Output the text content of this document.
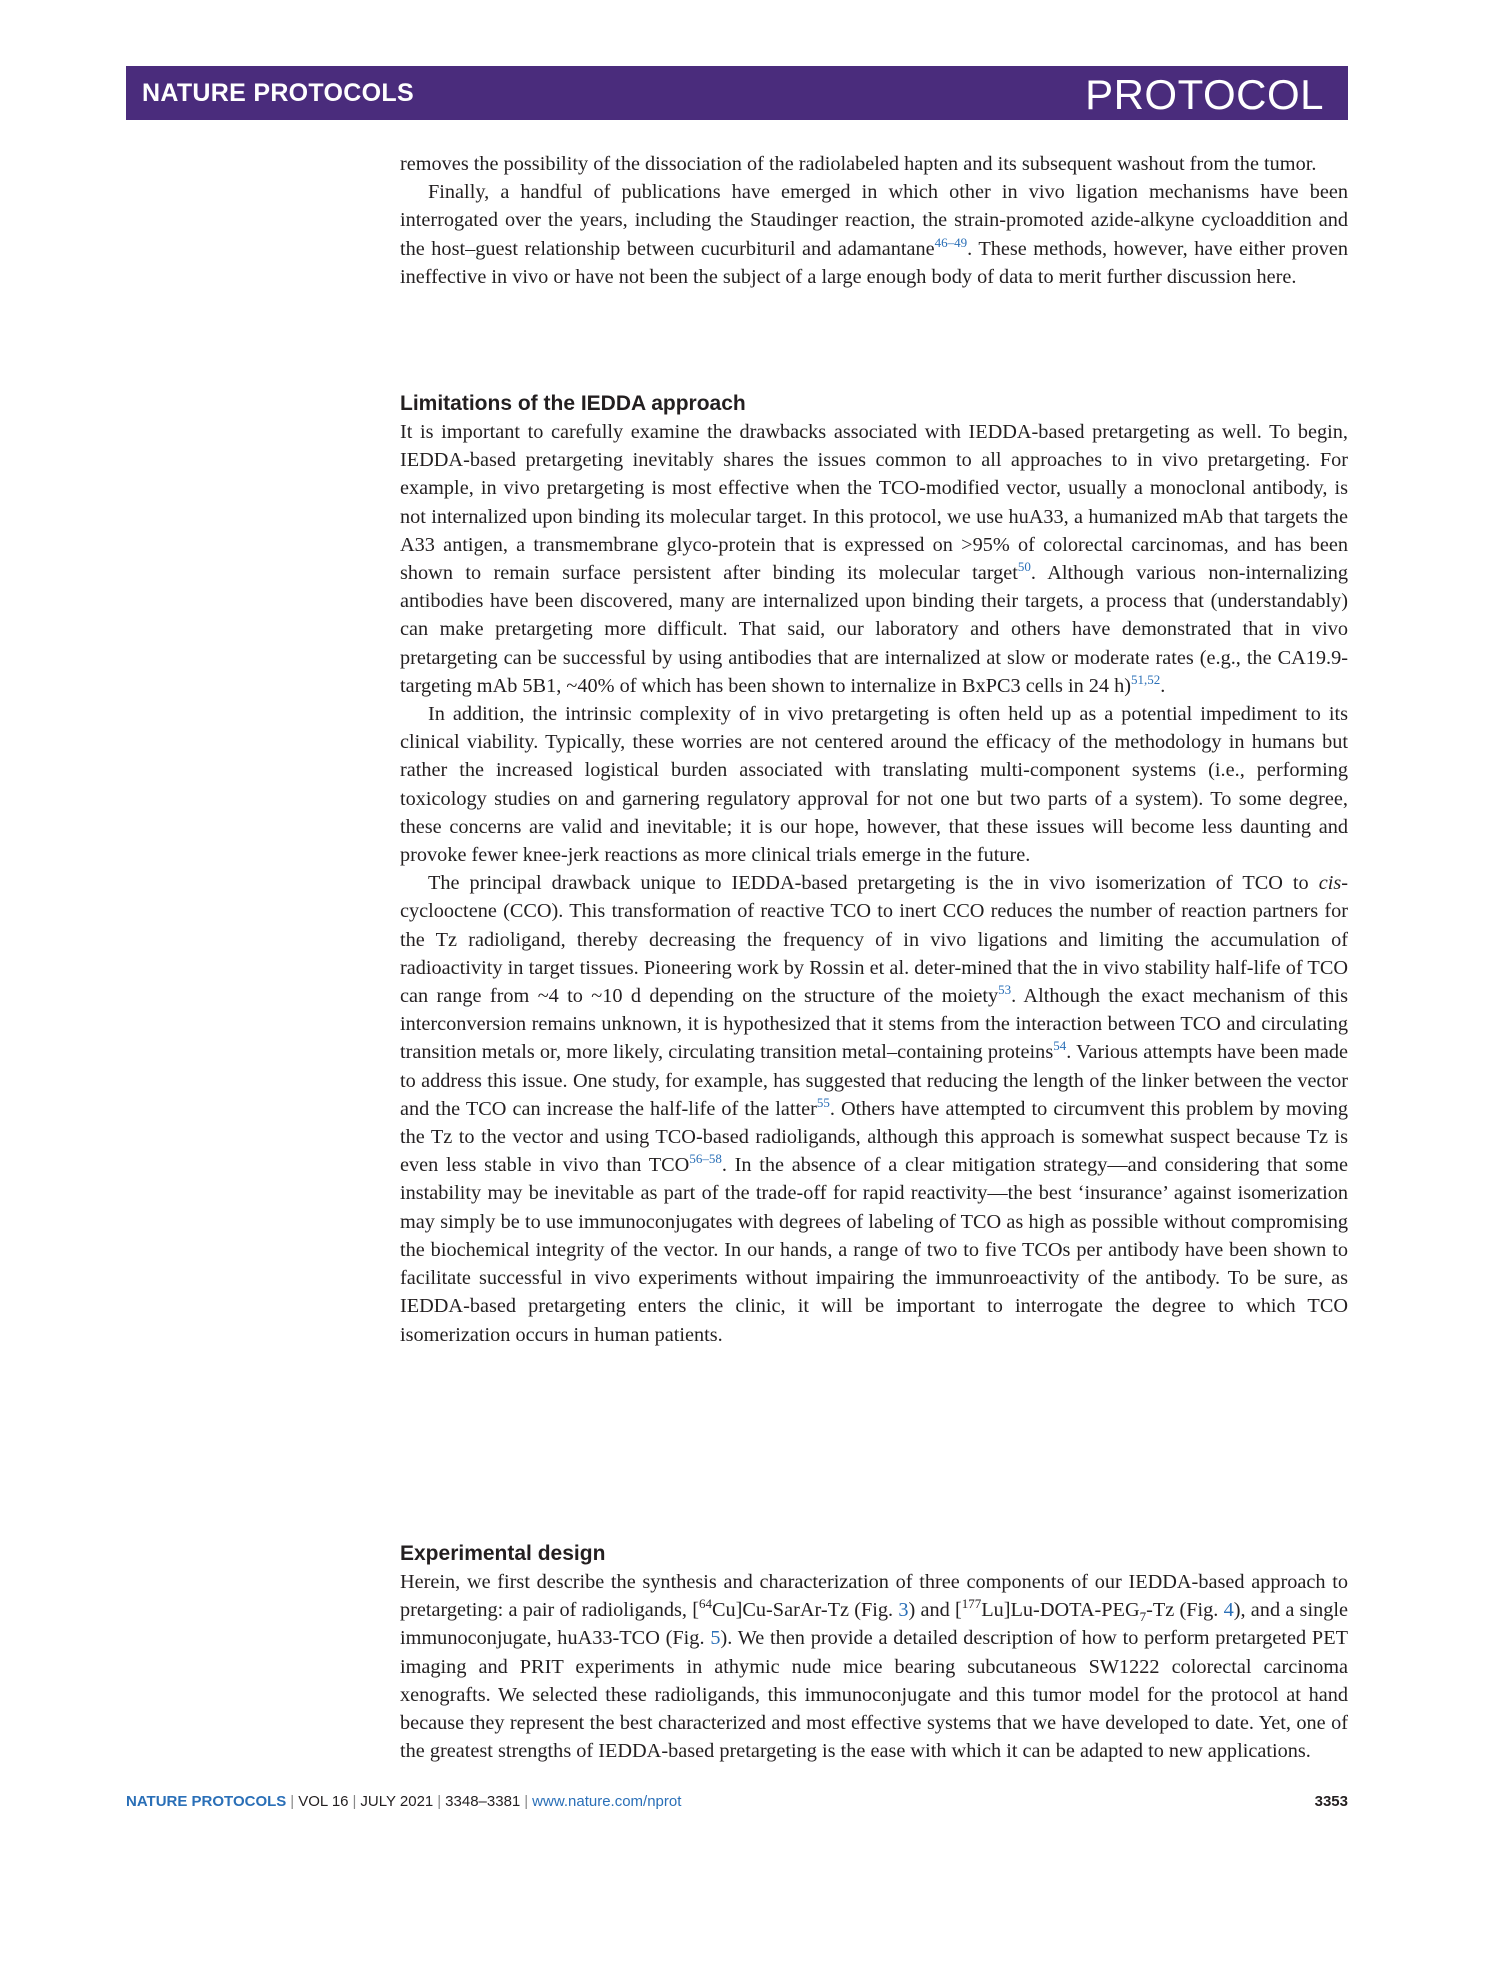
NATURE PROTOCOLS	PROTOCOL

removes the possibility of the dissociation of the radiolabeled hapten and its subsequent washout from the tumor.

Finally, a handful of publications have emerged in which other in vivo ligation mechanisms have been interrogated over the years, including the Staudinger reaction, the strain-promoted azide-alkyne cycloaddition and the host–guest relationship between cucurbituril and adamantane$^{46-49}$. These methods, however, have either proven ineffective in vivo or have not been the subject of a large enough body of data to merit further discussion here.

Limitations of the IEDDA approach

It is important to carefully examine the drawbacks associated with IEDDA-based pretargeting as well. To begin, IEDDA-based pretargeting inevitably shares the issues common to all approaches to in vivo pretargeting. For example, in vivo pretargeting is most effective when the TCO-modified vector, usually a monoclonal antibody, is not internalized upon binding its molecular target. In this protocol, we use huA33, a humanized mAb that targets the A33 antigen, a transmembrane glyco-protein that is expressed on >95% of colorectal carcinomas, and has been shown to remain surface persistent after binding its molecular target$^{50}$. Although various non-internalizing antibodies have been discovered, many are internalized upon binding their targets, a process that (understandably) can make pretargeting more difficult. That said, our laboratory and others have demonstrated that in vivo pretargeting can be successful by using antibodies that are internalized at slow or moderate rates (e.g., the CA19.9-targeting mAb 5B1, ~40% of which has been shown to internalize in BxPC3 cells in 24 h)$^{51,52}$.

In addition, the intrinsic complexity of in vivo pretargeting is often held up as a potential impediment to its clinical viability. Typically, these worries are not centered around the efficacy of the methodology in humans but rather the increased logistical burden associated with translating multi-component systems (i.e., performing toxicology studies on and garnering regulatory approval for not one but two parts of a system). To some degree, these concerns are valid and inevitable; it is our hope, however, that these issues will become less daunting and provoke fewer knee-jerk reactions as more clinical trials emerge in the future.

The principal drawback unique to IEDDA-based pretargeting is the in vivo isomerization of TCO to cis-cyclooctene (CCO). This transformation of reactive TCO to inert CCO reduces the number of reaction partners for the Tz radioligand, thereby decreasing the frequency of in vivo ligations and limiting the accumulation of radioactivity in target tissues. Pioneering work by Rossin et al. deter-mined that the in vivo stability half-life of TCO can range from ~4 to ~10 d depending on the structure of the moiety$^{53}$. Although the exact mechanism of this interconversion remains unknown, it is hypothesized that it stems from the interaction between TCO and circulating transition metals or, more likely, circulating transition metal–containing proteins$^{54}$. Various attempts have been made to address this issue. One study, for example, has suggested that reducing the length of the linker between the vector and the TCO can increase the half-life of the latter$^{55}$. Others have attempted to circumvent this problem by moving the Tz to the vector and using TCO-based radioligands, although this approach is somewhat suspect because Tz is even less stable in vivo than TCO$^{56-58}$. In the absence of a clear mitigation strategy—and considering that some instability may be inevitable as part of the trade-off for rapid reactivity—the best ‘insurance’ against isomerization may simply be to use immunoconjugates with degrees of labeling of TCO as high as possible without compromising the biochemical integrity of the vector. In our hands, a range of two to five TCOs per antibody have been shown to facilitate successful in vivo experiments without impairing the immunroeactivity of the antibody. To be sure, as IEDDA-based pretargeting enters the clinic, it will be important to interrogate the degree to which TCO isomerization occurs in human patients.

Experimental design

Herein, we first describe the synthesis and characterization of three components of our IEDDA-based approach to pretargeting: a pair of radioligands, [$^{64}$Cu]Cu-SarAr-Tz (Fig. 3) and $[^{177}Lu]Lu-DOTA-PEG_7-Tz$ (Fig. 4), and a single immunoconjugate, huA33-TCO (Fig. 5). We then provide a detailed description of how to perform pretargeted PET imaging and PRIT experiments in athymic nude mice bearing subcutaneous SW1222 colorectal carcinoma xenografts. We selected these radioligands, this immunoconjugate and this tumor model for the protocol at hand because they represent the best characterized and most effective systems that we have developed to date. Yet, one of the greatest strengths of IEDDA-based pretargeting is the ease with which it can be adapted to new applications.

NATURE PROTOCOLS | VOL 16 | JULY 2021 | 3348–3381 | www.nature.com/nprot	3353
